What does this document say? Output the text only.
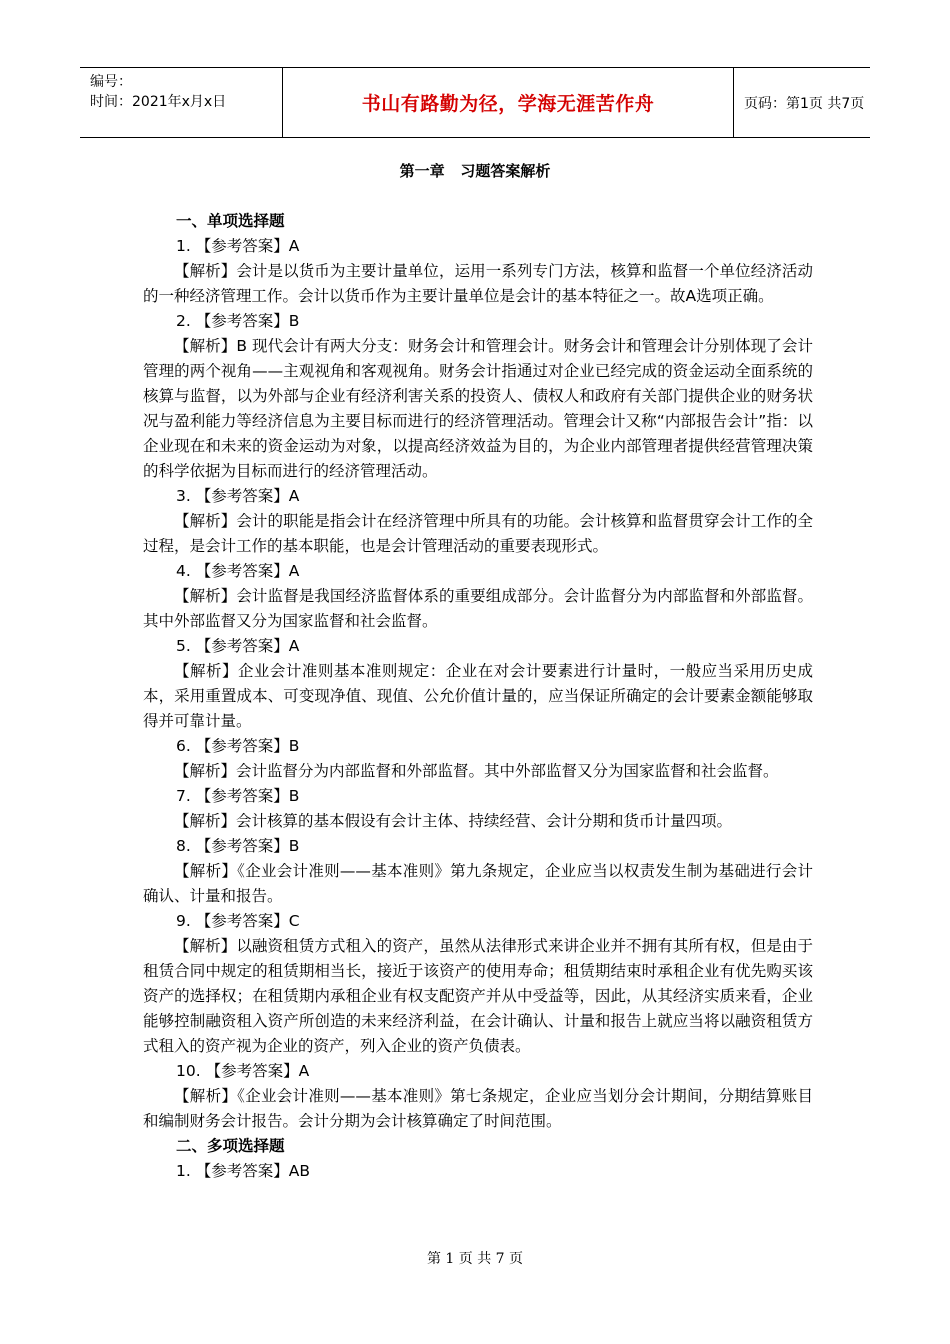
编号：
时间：2021年x月x日	书山有路勤为径，学海无涯苦作舟	页码：第1页 共7页
第一章   习题答案解析

一、单项选择题

1. 【参考答案】A

【解析】会计是以货币为主要计量单位，运用一系列专门方法，核算和监督一个单位经济活动的一种经济管理工作。会计以货币作为主要计量单位是会计的基本特征之一。故A选项正确。

2. 【参考答案】B

【解析】B 现代会计有两大分支：财务会计和管理会计。财务会计和管理会计分别体现了会计管理的两个视角——主观视角和客观视角。财务会计指通过对企业已经完成的资金运动全面系统的核算与监督，以为外部与企业有经济利害关系的投资人、债权人和政府有关部门提供企业的财务状况与盈利能力等经济信息为主要目标而进行的经济管理活动。管理会计又称“内部报告会计”指：以企业现在和未来的资金运动为对象，以提高经济效益为目的，为企业内部管理者提供经营管理决策的科学依据为目标而进行的经济管理活动。

3. 【参考答案】A

【解析】会计的职能是指会计在经济管理中所具有的功能。会计核算和监督贯穿会计工作的全过程，是会计工作的基本职能，也是会计管理活动的重要表现形式。

4. 【参考答案】A

【解析】会计监督是我国经济监督体系的重要组成部分。会计监督分为内部监督和外部监督。其中外部监督又分为国家监督和社会监督。

5. 【参考答案】A

【解析】企业会计准则基本准则规定：企业在对会计要素进行计量时，一般应当采用历史成本，采用重置成本、可变现净值、现值、公允价值计量的，应当保证所确定的会计要素金额能够取得并可靠计量。

6. 【参考答案】B

【解析】会计监督分为内部监督和外部监督。其中外部监督又分为国家监督和社会监督。

7. 【参考答案】B

【解析】会计核算的基本假设有会计主体、持续经营、会计分期和货币计量四项。

8. 【参考答案】B

【解析】《企业会计准则——基本准则》第九条规定，企业应当以权责发生制为基础进行会计确认、计量和报告。

9. 【参考答案】C

【解析】以融资租赁方式租入的资产，虽然从法律形式来讲企业并不拥有其所有权，但是由于租赁合同中规定的租赁期相当长，接近于该资产的使用寿命；租赁期结束时承租企业有优先购买该资产的选择权；在租赁期内承租企业有权支配资产并从中受益等，因此，从其经济实质来看，企业能够控制融资租入资产所创造的未来经济利益，在会计确认、计量和报告上就应当将以融资租赁方式租入的资产视为企业的资产，列入企业的资产负债表。

10. 【参考答案】A

【解析】《企业会计准则——基本准则》第七条规定，企业应当划分会计期间，分期结算账目和编制财务会计报告。会计分期为会计核算确定了时间范围。

二、多项选择题

1. 【参考答案】AB

第 1 页 共 7 页
